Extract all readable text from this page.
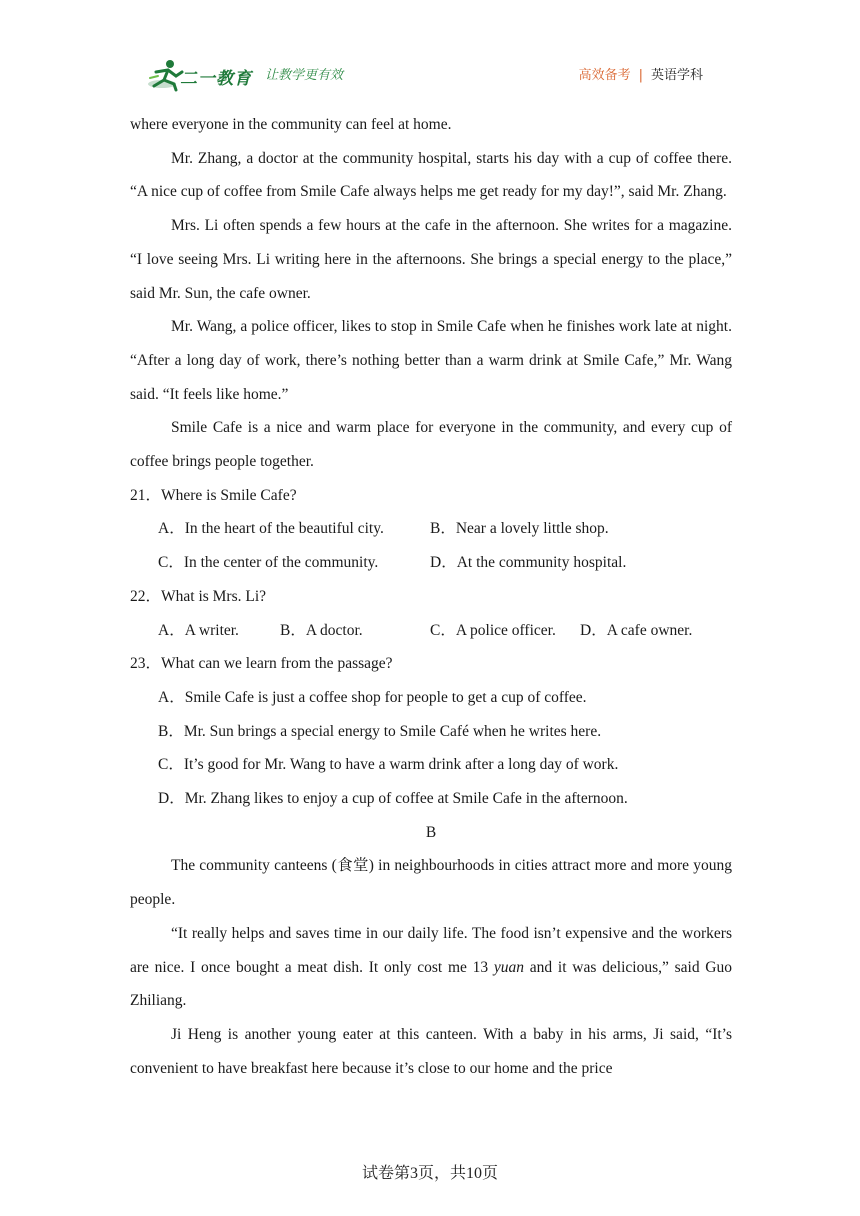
二一教育 让教学更有效	高效备考 | 英语学科

where everyone in the community can feel at home.

Mr. Zhang, a doctor at the community hospital, starts his day with a cup of coffee there. “A nice cup of coffee from Smile Cafe always helps me get ready for my day!”, said Mr. Zhang.

Mrs. Li often spends a few hours at the cafe in the afternoon. She writes for a magazine. “I love seeing Mrs. Li writing here in the afternoons. She brings a special energy to the place,” said Mr. Sun, the cafe owner.

Mr. Wang, a police officer, likes to stop in Smile Cafe when he finishes work late at night. “After a long day of work, there’s nothing better than a warm drink at Smile Cafe,” Mr. Wang said. “It feels like home.”

Smile Cafe is a nice and warm place for everyone in the community, and every cup of coffee brings people together.

21．Where is Smile Cafe?

A．In the heart of the beautiful city.	B．Near a lovely little shop.
C．In the center of the community.	D．At the community hospital.

22．What is Mrs. Li?

A．A writer.	B．A doctor.	C．A police officer.	D．A cafe owner.

23．What can we learn from the passage?

A．Smile Cafe is just a coffee shop for people to get a cup of coffee.

B．Mr. Sun brings a special energy to Smile Café when he writes here.

C．It’s good for Mr. Wang to have a warm drink after a long day of work.

D．Mr. Zhang likes to enjoy a cup of coffee at Smile Cafe in the afternoon.

B

The community canteens (食堂) in neighbourhoods in cities attract more and more young people.

“It really helps and saves time in our daily life. The food isn’t expensive and the workers are nice. I once bought a meat dish. It only cost me 13 yuan and it was delicious,” said Guo Zhiliang.

Ji Heng is another young eater at this canteen. With a baby in his arms, Ji said, “It’s convenient to have breakfast here because it’s close to our home and the price

试卷第3页，共10页
